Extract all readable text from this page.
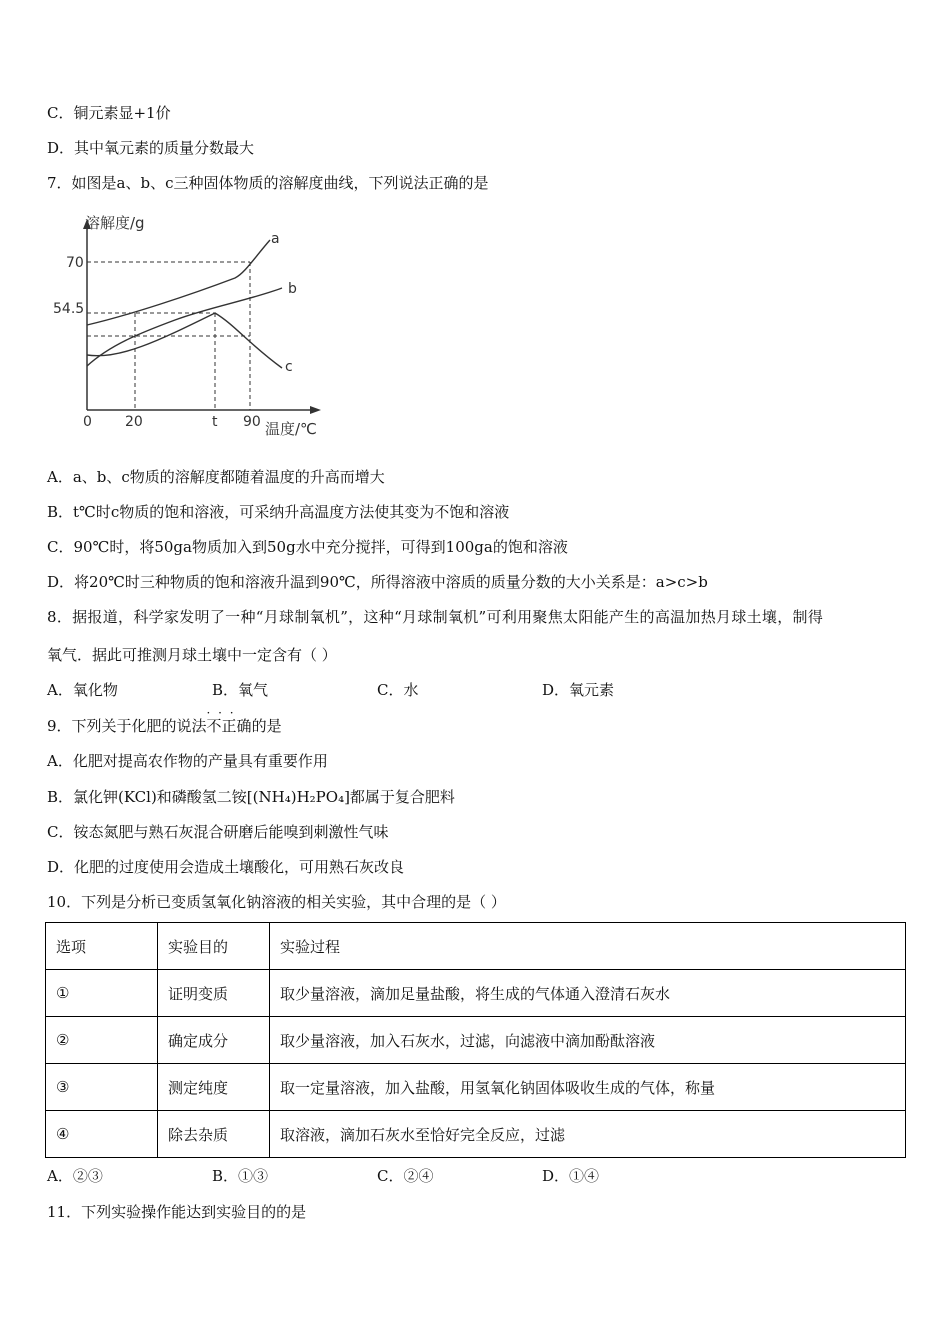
C．铜元素显+1价
D．其中氧元素的质量分数最大
7．如图是a、b、c三种固体物质的溶解度曲线，下列说法正确的是
溶解度/g
温度/℃
0 20	t 90
70
54.5
a
b
c
A．a、b、c物质的溶解度都随着温度的升高而增大
B．t℃时c物质的饱和溶液，可采纳升高温度方法使其变为不饱和溶液
C．90℃时，将50ga物质加入到50g水中充分搅拌，可得到100ga的饱和溶液
D．将20℃时三种物质的饱和溶液升温到90℃，所得溶液中溶质的质量分数的大小关系是：a>c>b
8．据报道，科学家发明了一种“月球制氧机”，这种“月球制氧机”可利用聚焦太阳能产生的高温加热月球土壤，制得
氧气．据此可推测月球土壤中一定含有（ ）
A．氧化物	B．氧气	C．水	D．氧元素
9．下列关于化肥的说法不正确 · · ·的是
A．化肥对提高农作物的产量具有重要作用
B．氯化钾(KCl)和磷酸氢二铵[(NH₄)H₂PO₄]都属于复合肥料
C．铵态氮肥与熟石灰混合研磨后能嗅到刺激性气味
D．化肥的过度使用会造成土壤酸化，可用熟石灰改良
10．下列是分析已变质氢氧化钠溶液的相关实验，其中合理的是（ ）
选项	实验目的	实验过程
①	证明变质	取少量溶液，滴加足量盐酸，将生成的气体通入澄清石灰水
②	确定成分	取少量溶液，加入石灰水，过滤，向滤液中滴加酚酞溶液
③	测定纯度	取一定量溶液，加入盐酸，用氢氧化钠固体吸收生成的气体，称量
④	除去杂质	取溶液，滴加石灰水至恰好完全反应，过滤
A．②③	B．①③	C．②④	D．①④
11．下列实验操作能达到实验目的的是
